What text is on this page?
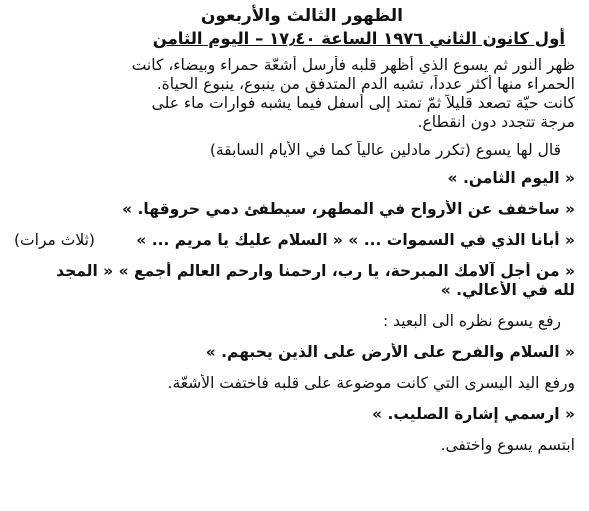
الظهور الثالث والأربعون
أول كانون الثاني ١٩٧٦ الساعة ١٧٫٤٠ – اليوم الثامن
ظهر النور ثم يسوع الذي أظهر قلبه فأرسل أشعّة حمراء وبيضاء، كانت
الحمراء منها أكثر عدداً، تشبه الدم المتدفق من ينبوع، ينبوع الحياة.
كانت حيّة تصعد قليلاً ثمّ تمتد إلى أسفل فيما يشبه فوارات ماء على
مرجة تتجدد دون انقطاع.
قال لها يسوع (تكرر مادلين عالياً كما في الأيام السابقة)
« اليوم الثامن. »
« ساخفف عن الأرواح في المطهر، سيطفئ دمي حروقها. »
« أبانا الذي في السموات ... » « السلام عليك يا مريم ... »
(ثلاث مرات)
« من أجل آلامك المبرحة، يا رب، ارحمنا وارحم العالم أجمع » « المجد
لله في الأعالي. »
رفع يسوع نظره الى البعيد :
« السلام والفرح على الأرض على الذين يحبهم. »
ورفع اليد اليسرى التي كانت موضوعة على قلبه فاختفت الأشعّة.
« ارسمي إشارة الصليب. »
ابتسم يسوع واختفى.
